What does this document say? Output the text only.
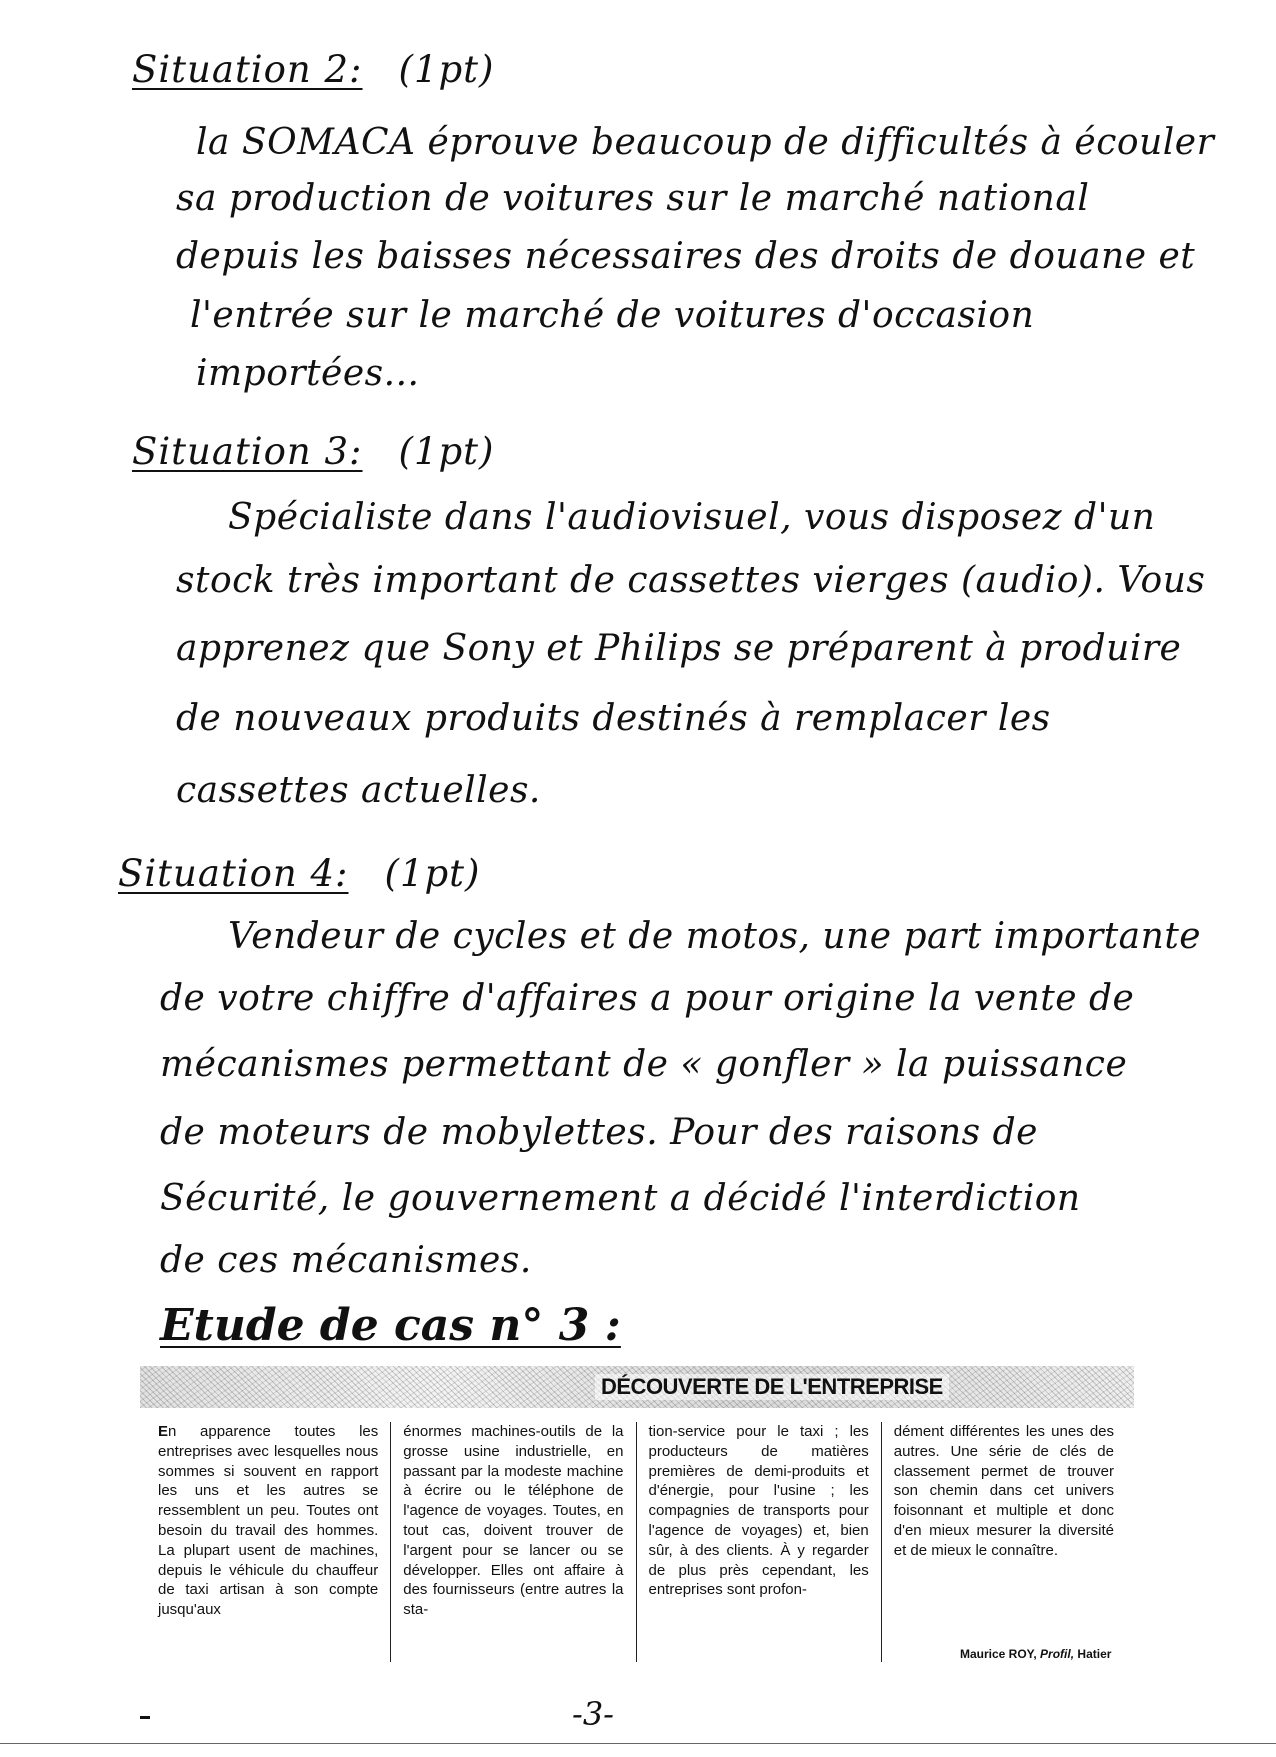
Situation 2: (1pt)
la SOMACA éprouve beaucoup de difficultés à écouler
sa production de voitures sur le marché national
depuis les baisses nécessaires des droits de douane et
l'entrée sur le marché de voitures d'occasion
importées...
Situation 3: (1pt)
Spécialiste dans l'audiovisuel, vous disposez d'un
stock très important de cassettes vierges (audio). Vous
apprenez que Sony et Philips se préparent à produire
de nouveaux produits destinés à remplacer les
cassettes actuelles.
Situation 4: (1pt)
Vendeur de cycles et de motos, une part importante
de votre chiffre d'affaires a pour origine la vente de
mécanismes permettant de « gonfler » la puissance
de moteurs de mobylettes. Pour des raisons de
Sécurité, le gouvernement a décidé l'interdiction
de ces mécanismes.
Etude de cas n° 3 :
DÉCOUVERTE DE L'ENTREPRISE
En apparence toutes les entreprises avec lesquelles nous sommes si souvent en rapport les uns et les autres se ressemblent un peu. Toutes ont besoin du travail des hommes. La plupart usent de machines, depuis le véhicule du chauffeur de taxi artisan à son compte jusqu'aux
énormes machines-outils de la grosse usine industrielle, en passant par la modeste machine à écrire ou le téléphone de l'agence de voyages. Toutes, en tout cas, doivent trouver de l'argent pour se lancer ou se développer. Elles ont affaire à des fournisseurs (entre autres la sta-
tion-service pour le taxi ; les producteurs de matières premières de demi-produits et d'énergie, pour l'usine ; les compagnies de transports pour l'agence de voyages) et, bien sûr, à des clients. À y regarder de plus près cependant, les entreprises sont profon-
dément différentes les unes des autres. Une série de clés de classement permet de trouver son chemin dans cet univers foisonnant et multiple et donc d'en mieux mesurer la diversité et de mieux le connaître.
Maurice ROY, Profil, Hatier
-3-
